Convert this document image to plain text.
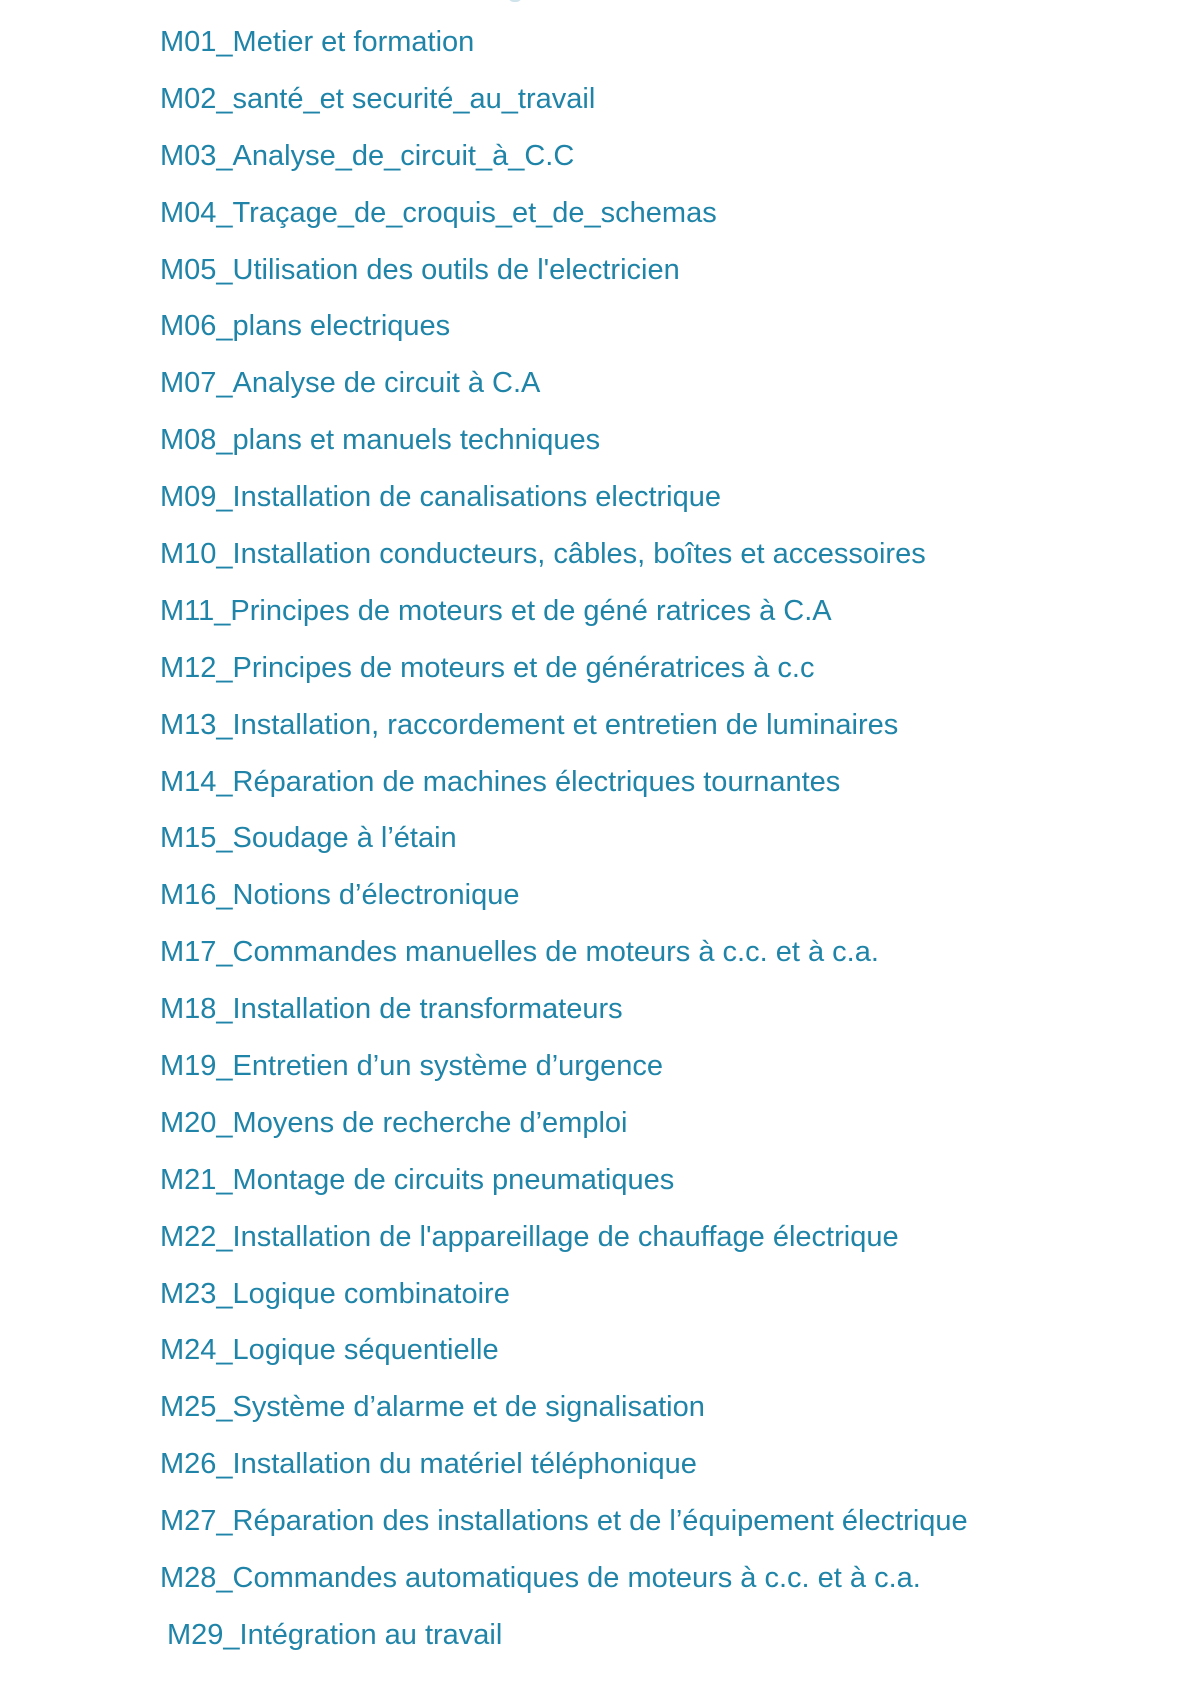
M01_Metier et formation
M02_santé_et securité_au_travail
M03_Analyse_de_circuit_à_C.C
M04_Traçage_de_croquis_et_de_schemas
M05_Utilisation des outils de l'electricien
M06_plans electriques
M07_Analyse de circuit à C.A
M08_plans et manuels techniques
M09_Installation de canalisations electrique
M10_Installation conducteurs, câbles, boîtes et accessoires
M11_Principes de moteurs et de géné ratrices à C.A
M12_Principes de moteurs et de génératrices à c.c
M13_Installation, raccordement et entretien de luminaires
M14_Réparation de machines électriques tournantes
M15_Soudage à l’étain
M16_Notions d’électronique
M17_Commandes manuelles de moteurs à c.c. et à c.a.
M18_Installation de transformateurs
M19_Entretien d’un système d’urgence
M20_Moyens de recherche d’emploi
M21_Montage de circuits pneumatiques
M22_Installation de l'appareillage de chauffage électrique
M23_Logique combinatoire
M24_Logique séquentielle
M25_Système d’alarme et de signalisation
M26_Installation du matériel téléphonique
M27_Réparation des installations et de l’équipement électrique
M28_Commandes automatiques de moteurs à c.c. et à c.a.
M29_Intégration au travail
